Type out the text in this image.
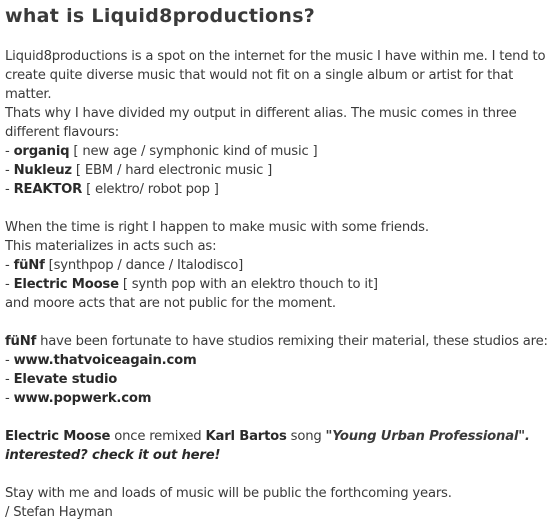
what is Liquid8productions?

Liquid8productions is a spot on the internet for the music I have within me. I tend to

create quite diverse music that would not fit on a single album or artist for that matter.

Thats why I have divided my output in different alias. The music comes in three

different flavours:

- organiq [ new age / symphonic kind of music ]

- Nukleuz [ EBM / hard electronic music ]

- REAKTOR [ elektro/ robot pop ]

When the time is right I happen to make music with some friends.

This materializes in acts such as:

- füNf [synthpop / dance / Italodisco]

- Electric Moose [ synth pop with an elektro thouch to it]

and moore acts that are not public for the moment.

füNf have been fortunate to have studios remixing their material, these studios are:

- www.thatvoiceagain.com

- Elevate studio

- www.popwerk.com

Electric Moose once remixed Karl Bartos song "Young Urban Professional".

interested? check it out here!

Stay with me and loads of music will be public the forthcoming years.

/ Stefan Hayman
